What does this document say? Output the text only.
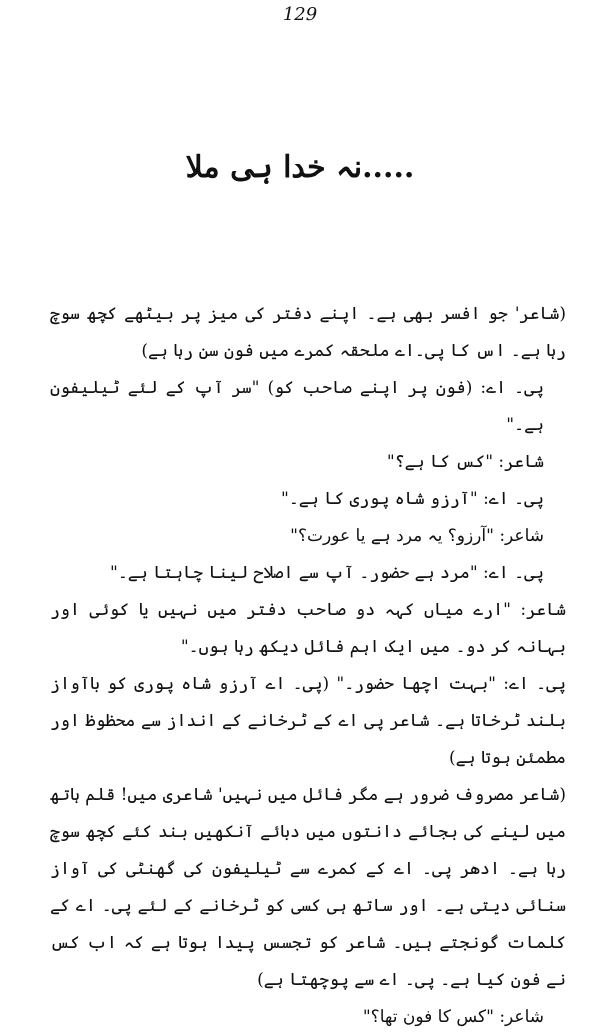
129
نہ خدا ہی ملا.....

(شاعر' جو افسر بھی ہے۔ اپنے دفتر کی میز پر بیٹھے کچھ سوچ رہا ہے۔ اس کا پی۔اے ملحقہ کمرے میں فون سن رہا ہے)

پی۔ اے: (فون پر اپنے صاحب کو) "سر آپ کے لئے ٹیلیفون ہے۔"

شاعر: "کس کا ہے؟"

پی۔ اے: "آرزو شاہ پوری کا ہے۔"

شاعر: "آرزو؟ یہ مرد ہے یا عورت؟"

پی۔ اے: "مرد ہے حضور۔ آپ سے اصلاح لینا چاہتا ہے۔"

شاعر: "ارے میاں کہہ دو صاحب دفتر میں نہیں یا کوئی اور بہانہ کر دو۔ میں ایک اہم فائل دیکھ رہا ہوں۔"

پی۔ اے: "بہت اچھا حضور۔" (پی۔ اے آرزو شاہ پوری کو باآواز بلند ٹرخاتا ہے۔ شاعر پی اے کے ٹرخانے کے انداز سے محظوظ اور مطمئن ہوتا ہے)

(شاعر مصروف ضرور ہے مگر فائل میں نہیں' شاعری میں! قلم ہاتھ میں لینے کی بجائے دانتوں میں دبائے آنکھیں بند کئے کچھ سوچ رہا ہے۔ ادھر پی۔ اے کے کمرے سے ٹیلیفون کی گھنٹی کی آواز سنائی دیتی ہے۔ اور ساتھ ہی کسی کو ٹرخانے کے لئے پی۔ اے کے کلمات گونجتے ہیں۔ شاعر کو تجسس پیدا ہوتا ہے کہ اب کس نے فون کیا ہے۔ پی۔ اے سے پوچھتا ہے)

شاعر: "کس کا فون تھا؟"
